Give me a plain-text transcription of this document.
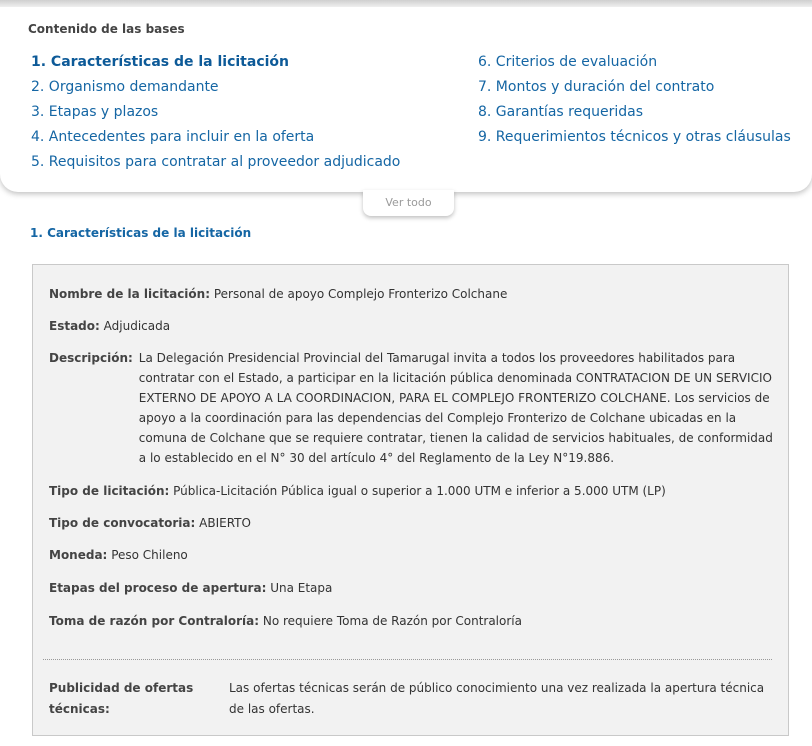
Contenido de las bases
1. Características de la licitación
2. Organismo demandante
3. Etapas y plazos
4. Antecedentes para incluir en la oferta
5. Requisitos para contratar al proveedor adjudicado
6. Criterios de evaluación
7. Montos y duración del contrato
8. Garantías requeridas
9. Requerimientos técnicos y otras cláusulas
Ver todo
1. Características de la licitación
Nombre de la licitación: Personal de apoyo Complejo Fronterizo Colchane
Estado: Adjudicada
Descripción: La Delegación Presidencial Provincial del Tamarugal invita a todos los proveedores habilitados para contratar con el Estado, a participar en la licitación pública denominada CONTRATACION DE UN SERVICIO EXTERNO DE APOYO A LA COORDINACION, PARA EL COMPLEJO FRONTERIZO COLCHANE. Los servicios de apoyo a la coordinación para las dependencias del Complejo Fronterizo de Colchane ubicadas en la comuna de Colchane que se requiere contratar, tienen la calidad de servicios habituales, de conformidad a lo establecido en el N° 30 del artículo 4° del Reglamento de la Ley N°19.886.
Tipo de licitación: Pública-Licitación Pública igual o superior a 1.000 UTM e inferior a 5.000 UTM (LP)
Tipo de convocatoria: ABIERTO
Moneda: Peso Chileno
Etapas del proceso de apertura: Una Etapa
Toma de razón por Contraloría: No requiere Toma de Razón por Contraloría
Publicidad de ofertas técnicas:
Las ofertas técnicas serán de público conocimiento una vez realizada la apertura técnica de las ofertas.
